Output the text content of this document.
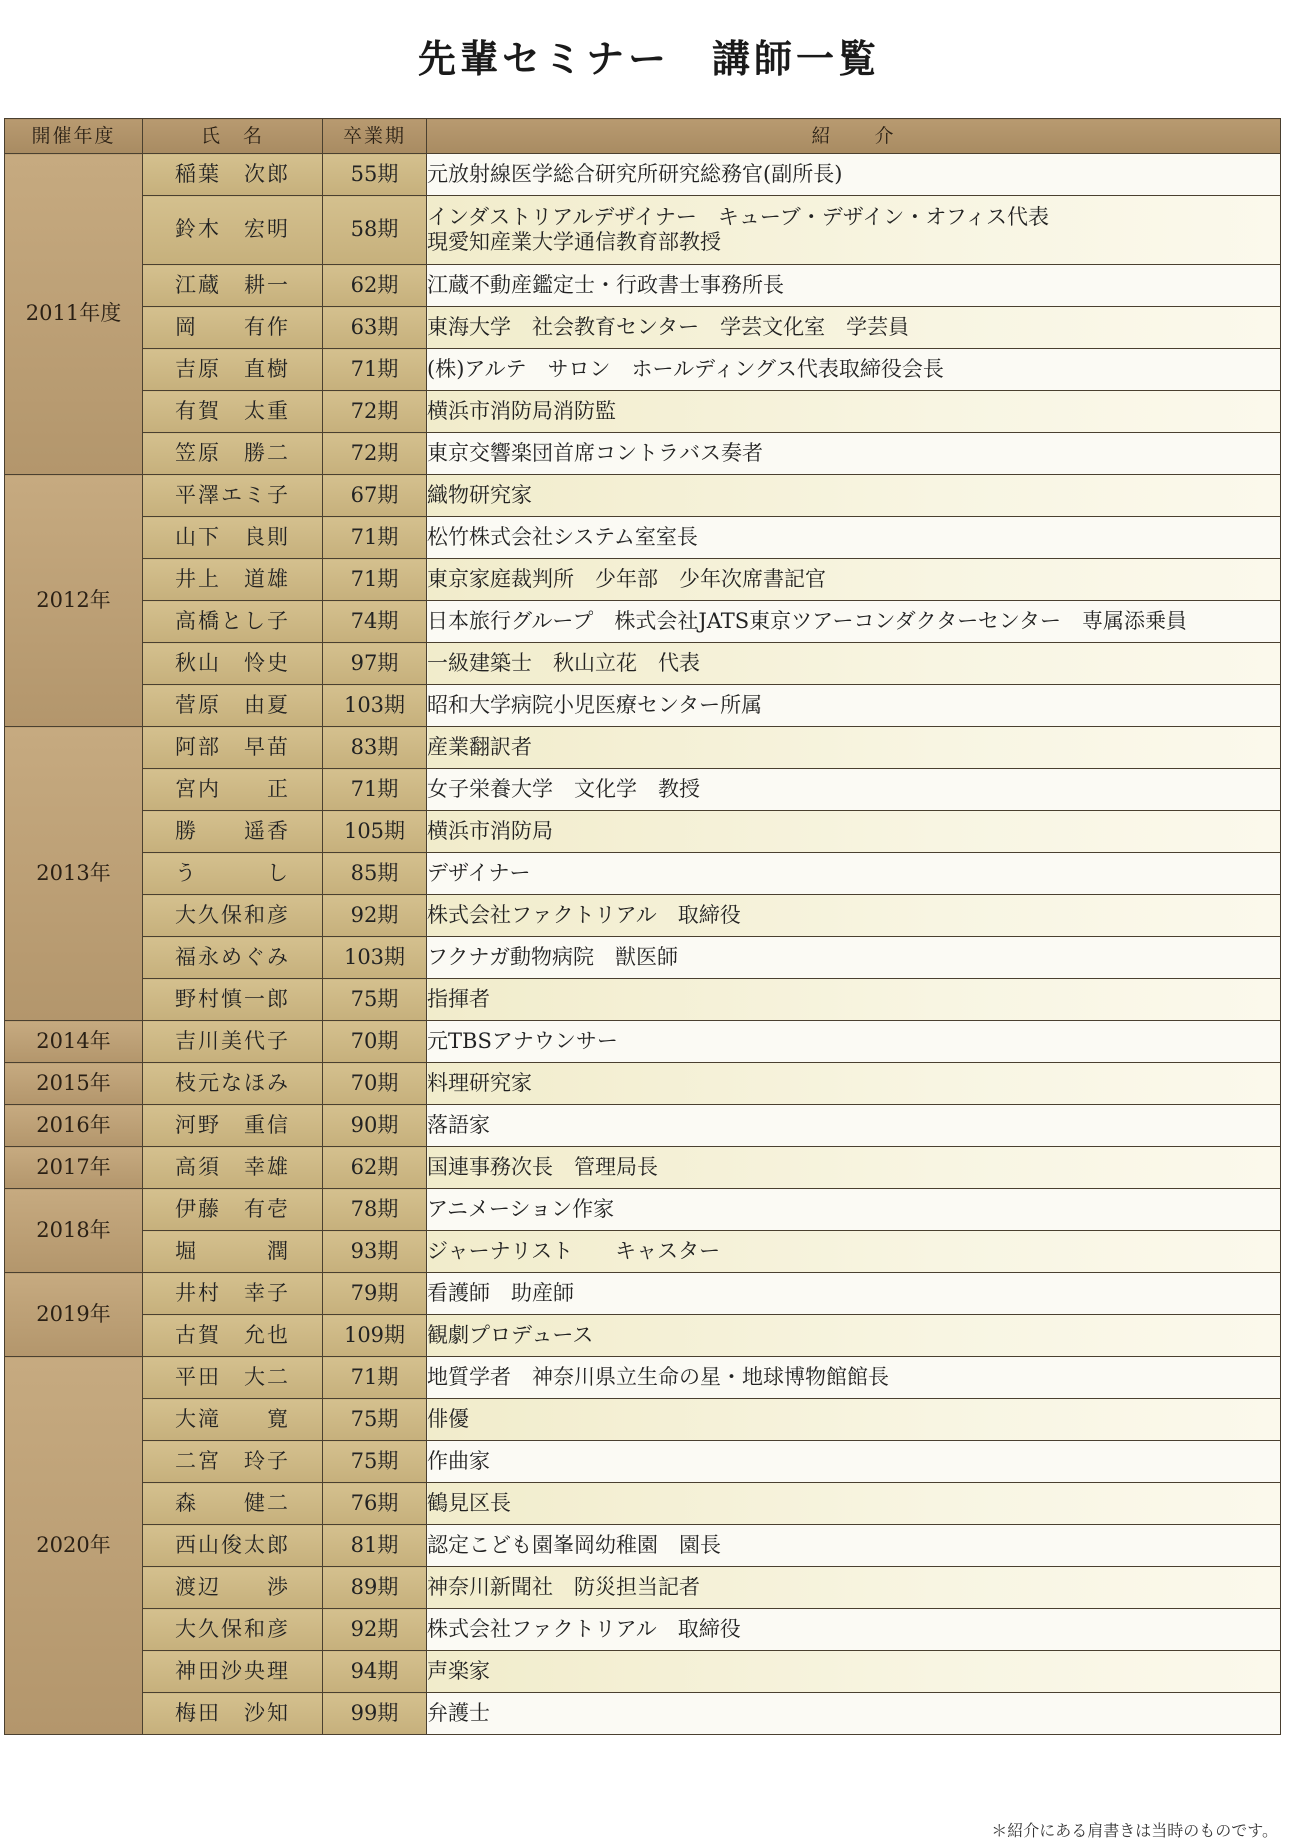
先輩セミナー　講師一覧
開催年度	氏　名	卒業期	紹　　介
2011年度	稲葉　次郎	55期	元放射線医学総合研究所研究総務官(副所長)
	鈴木　宏明	58期	インダストリアルデザイナー　キューブ・デザイン・オフィス代表
現愛知産業大学通信教育部教授
	江蔵　耕一	62期	江蔵不動産鑑定士・行政書士事務所長
	岡　　有作	63期	東海大学　社会教育センター　学芸文化室　学芸員
	吉原　直樹	71期	(株)アルテ　サロン　ホールディングス代表取締役会長
	有賀　太重	72期	横浜市消防局消防監
	笠原　勝二	72期	東京交響楽団首席コントラバス奏者
2012年	平澤エミ子	67期	織物研究家
	山下　良則	71期	松竹株式会社システム室室長
	井上　道雄	71期	東京家庭裁判所　少年部　少年次席書記官
	高橋とし子	74期	日本旅行グループ　株式会社JATS東京ツアーコンダクターセンター　専属添乗員
	秋山　怜史	97期	一級建築士　秋山立花　代表
	菅原　由夏	103期	昭和大学病院小児医療センター所属
2013年	阿部　早苗	83期	産業翻訳者
	宮内　　正	71期	女子栄養大学　文化学　教授
	勝　　遥香	105期	横浜市消防局
	う　　　し	85期	デザイナー
	大久保和彦	92期	株式会社ファクトリアル　取締役
	福永めぐみ	103期	フクナガ動物病院　獣医師
	野村慎一郎	75期	指揮者
2014年	吉川美代子	70期	元TBSアナウンサー
2015年	枝元なほみ	70期	料理研究家
2016年	河野　重信	90期	落語家
2017年	高須　幸雄	62期	国連事務次長　管理局長
2018年	伊藤　有壱	78期	アニメーション作家
	堀　　　潤	93期	ジャーナリスト　　キャスター
2019年	井村　幸子	79期	看護師　助産師
	古賀　允也	109期	観劇プロデュース
2020年	平田　大二	71期	地質学者　神奈川県立生命の星・地球博物館館長
	大滝　　寛	75期	俳優
	二宮　玲子	75期	作曲家
	森　　健二	76期	鶴見区長
	西山俊太郎	81期	認定こども園峯岡幼稚園　園長
	渡辺　　渉	89期	神奈川新聞社　防災担当記者
	大久保和彦	92期	株式会社ファクトリアル　取締役
	神田沙央理	94期	声楽家
	梅田　沙知	99期	弁護士
＊紹介にある肩書きは当時のものです。
